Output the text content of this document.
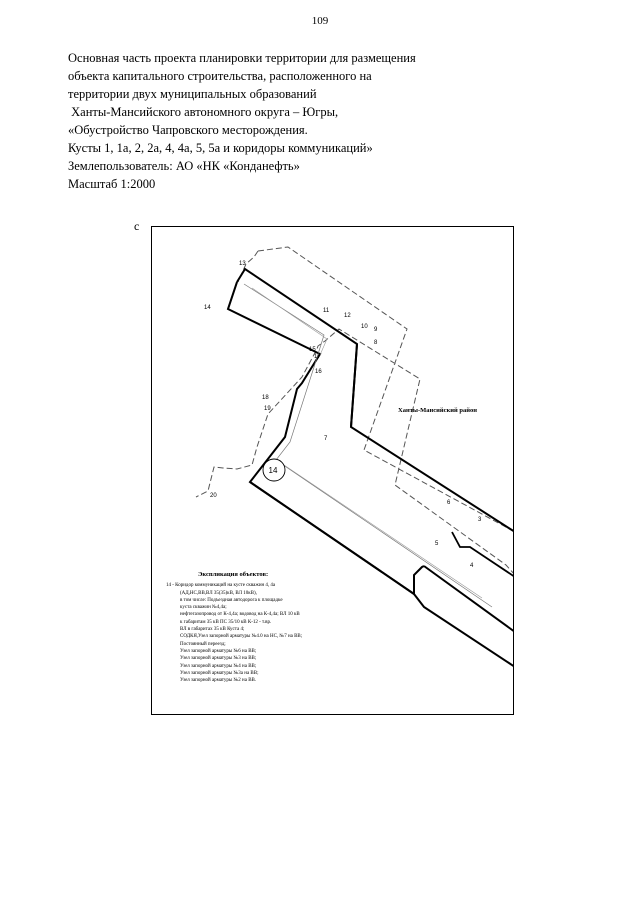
109
Основная часть проекта планировки территории для размещения
объекта капитального строительства, расположенного на
территории двух муниципальных образований
Ханты-Мансийского автономного округа – Югры,
«Обустройство Чапровского месторождения.
Кусты 1, 1а, 2, 2а, 4, 4а, 5, 5а и коридоры коммуникаций»
Землепользователь: АО «НК «Конданефть»
Масштаб 1:2000
с
14
13
14	11
12
10 9
8
15
17
16
18
19
7
20
6
3
5
4
Ханты-Мансийский район
Экспликация объектов:
14 - Коридор коммуникаций на кусте скважин 4, 4а
(АД,НС,ВВ,ВЛ 35(35)кВ, ВЛ 10кВ),
в том числе: Подъездная автодорога к площадке
куста скважин №4,4а;
нефтегазопровод от К-4,4а; водовод на К-4,4а; ВЛ 10 кВ
к габаритам 35 кВ ПС 35/10 кВ К-12 - т.вр.
ВЛ в габаритах 35 кВ Куста 4;
СОДКЯ,Узел запорной арматуры №4.0 на НС, №7 на ВВ;
Постоянный переезд;
Узел запорной арматуры №6 на ВВ;
Узел запорной арматуры №3 на ВВ;
Узел запорной арматуры №4 на ВВ;
Узел запорной арматуры №3а на ВВ;
Узел запорной арматуры №2 на ВВ.
